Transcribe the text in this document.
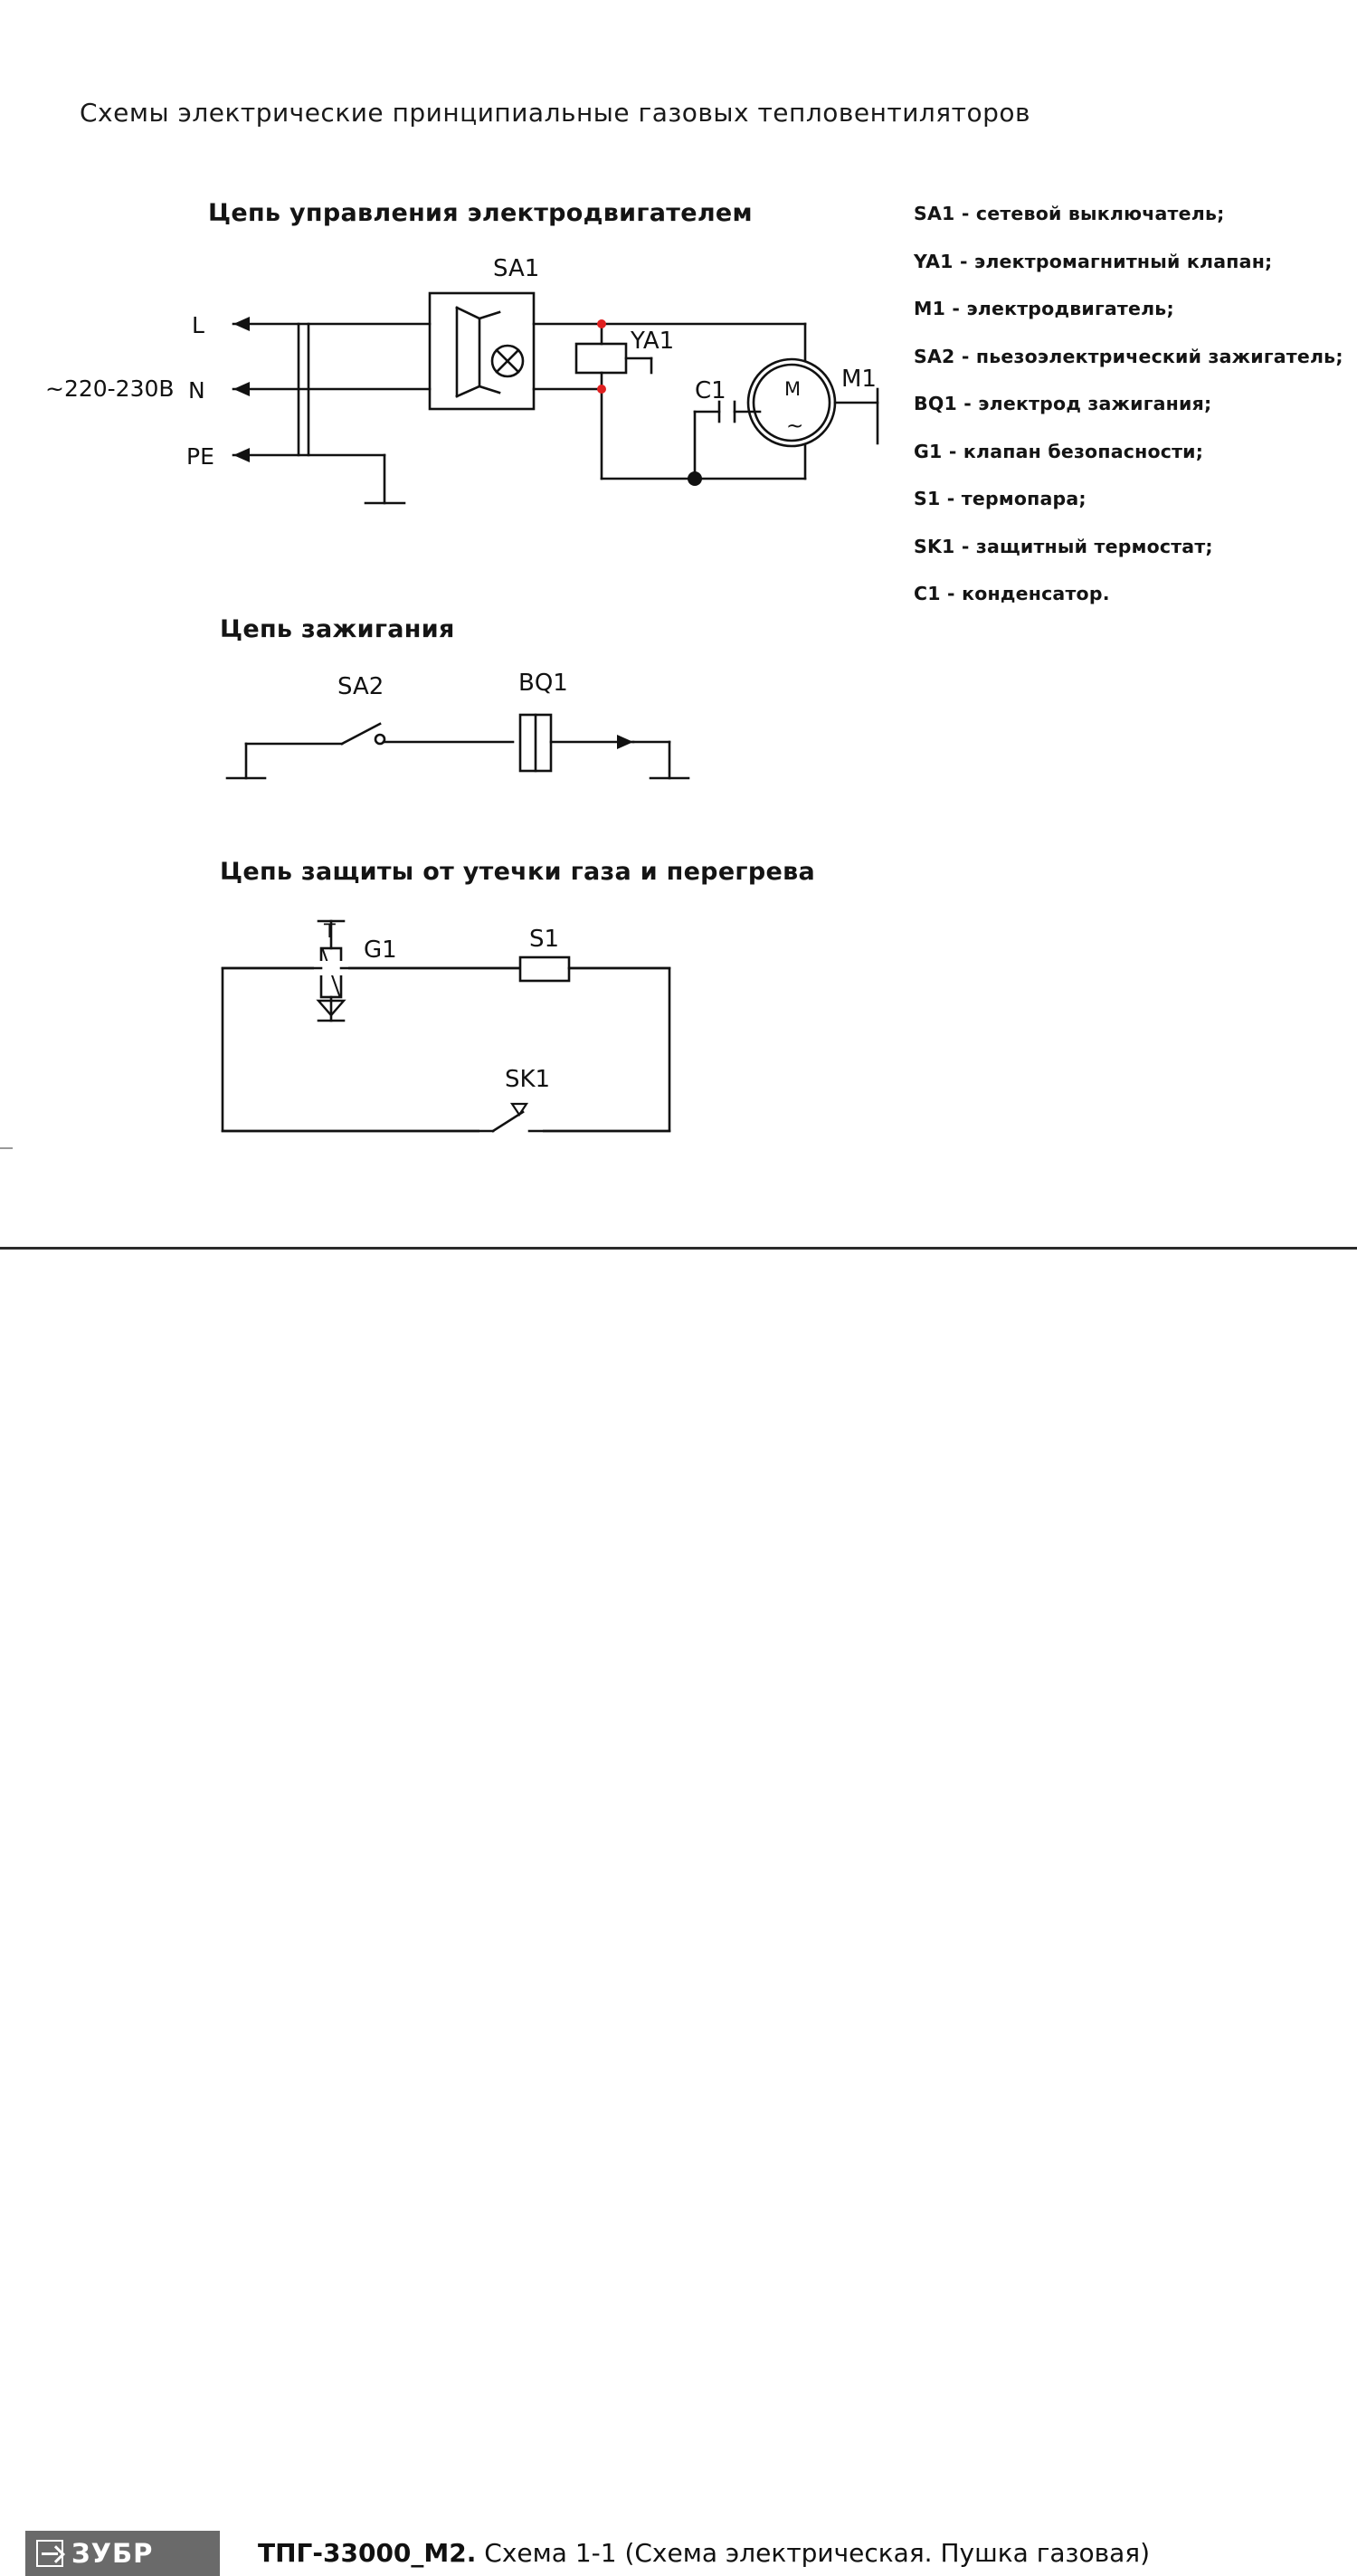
Схемы электрические принципиальные газовых тепловентиляторов
Цепь управления электродвигателем
Цепь зажигания
Цепь защиты от утечки газа и перегрева
~220-230В
L
N
PE
SA1
YA1
C1	M1
M
~
SA2	BQ1
G1	S1
SK1
T
SA1 - сетевой выключатель;
YA1 - электромагнитный клапан;
M1 - электродвигатель;
SA2 - пьезоэлектрический зажигатель;
BQ1 - электрод зажигания;
G1 - клапан безопасности;
S1 - термопара;
SK1 - защитный термостат;
C1 - конденсатор.
ЗУБР	ТПГ-33000_М2. Схема 1-1 (Схема электрическая. Пушка газовая)
